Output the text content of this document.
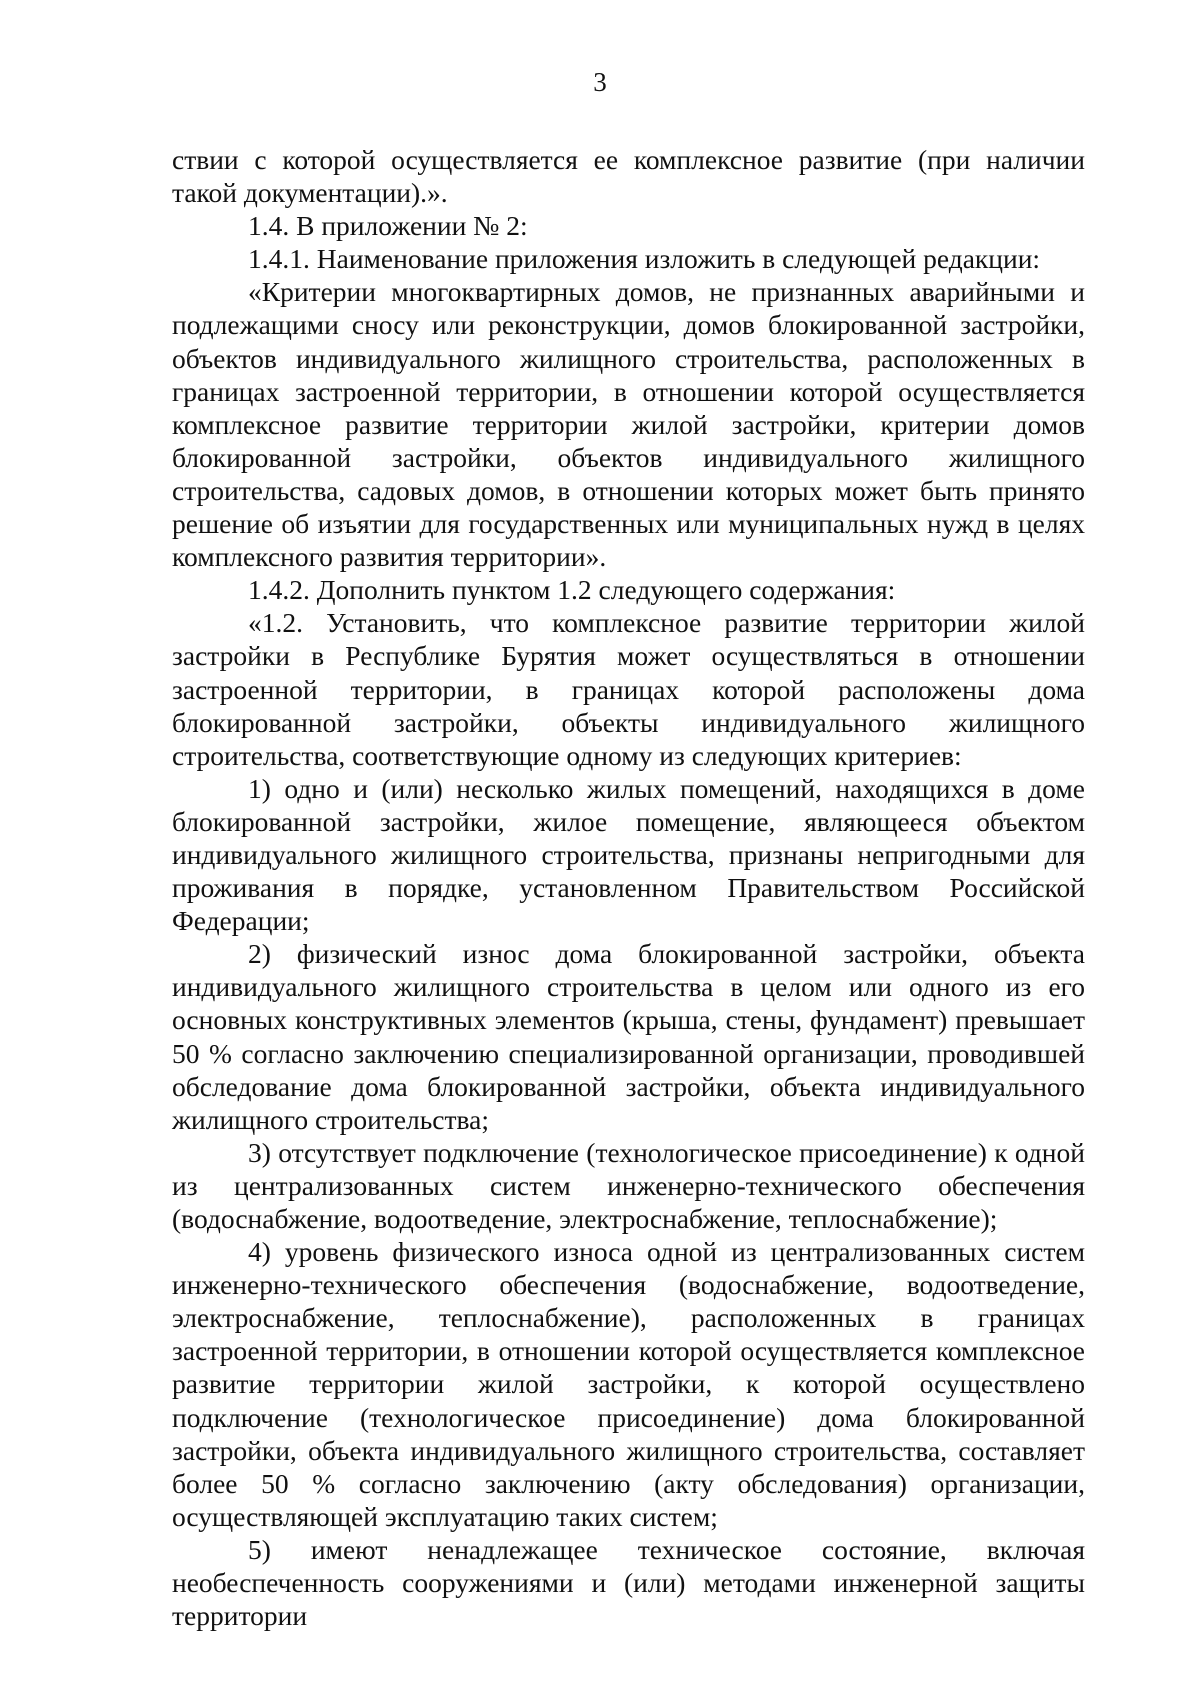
3

ствии с которой осуществляется ее комплексное развитие (при наличии такой документации).».

1.4. В приложении № 2:

1.4.1. Наименование приложения изложить в следующей редакции:

«Критерии многоквартирных домов, не признанных аварийными и подлежащими сносу или реконструкции, домов блокированной застройки, объектов индивидуального жилищного строительства, расположенных в границах застроенной территории, в отношении которой осуществляется комплексное развитие территории жилой застройки, критерии домов блокированной застройки, объектов индивидуального жилищного строительства, садовых домов, в отношении которых может быть принято решение об изъятии для государственных или муниципальных нужд в целях комплексного развития территории».

1.4.2. Дополнить пунктом 1.2 следующего содержания:

«1.2. Установить, что комплексное развитие территории жилой застройки в Республике Бурятия может осуществляться в отношении застроенной территории, в границах которой расположены дома блокированной застройки, объекты индивидуального жилищного строительства, соответствующие одному из следующих критериев:

1) одно и (или) несколько жилых помещений, находящихся в доме блокированной застройки, жилое помещение, являющееся объектом индивидуального жилищного строительства, признаны непригодными для проживания в порядке, установленном Правительством Российской Федерации;

2) физический износ дома блокированной застройки, объекта индивидуального жилищного строительства в целом или одного из его основных конструктивных элементов (крыша, стены, фундамент) превышает 50 % согласно заключению специализированной организации, проводившей обследование дома блокированной застройки, объекта индивидуального жилищного строительства;

3) отсутствует подключение (технологическое присоединение) к одной из централизованных систем инженерно-технического обеспечения (водоснабжение, водоотведение, электроснабжение, теплоснабжение);

4) уровень физического износа одной из централизованных систем инженерно-технического обеспечения (водоснабжение, водоотведение, электроснабжение, теплоснабжение), расположенных в границах застроенной территории, в отношении которой осуществляется комплексное развитие территории жилой застройки, к которой осуществлено подключение (технологическое присоединение) дома блокированной застройки, объекта индивидуального жилищного строительства, составляет более 50 % согласно заключению (акту обследования) организации, осуществляющей эксплуатацию таких систем;

5) имеют ненадлежащее техническое состояние, включая необеспеченность сооружениями и (или) методами инженерной защиты территории
